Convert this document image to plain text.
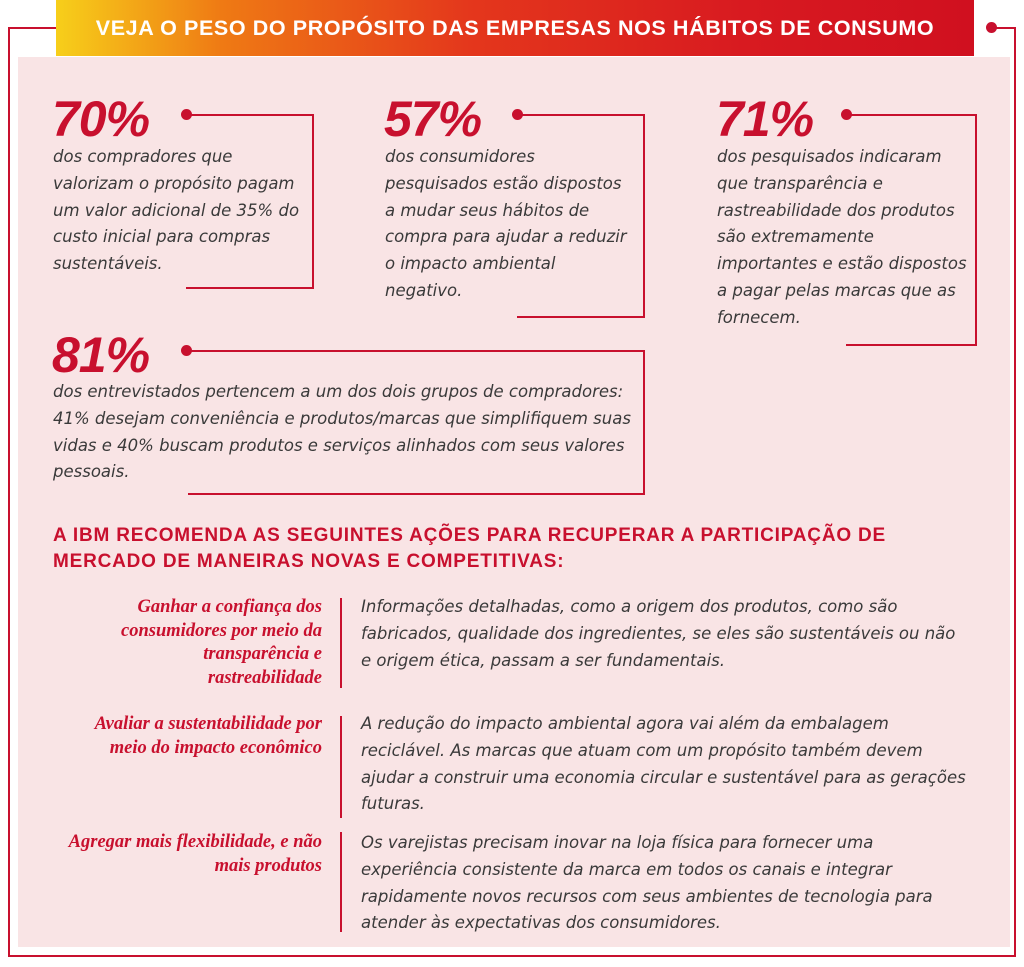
VEJA O PESO DO PROPÓSITO DAS EMPRESAS NOS HÁBITOS DE CONSUMO
70%
dos compradores que valorizam o propósito pagam um valor adicional de 35% do custo inicial para compras sustentáveis.
57%
dos consumidores pesquisados estão dispostos a mudar seus hábitos de compra para ajudar a reduzir o impacto ambiental negativo.
71%
dos pesquisados indicaram que transparência e rastreabilidade dos produtos são extremamente importantes e estão dispostos a pagar pelas marcas que as fornecem.
81%
dos entrevistados pertencem a um dos dois grupos de compradores: 41% desejam conveniência e produtos/marcas que simplifiquem suas vidas e 40% buscam produtos e serviços alinhados com seus valores pessoais.
A IBM RECOMENDA AS SEGUINTES AÇÕES PARA RECUPERAR A PARTICIPAÇÃO DE MERCADO DE MANEIRAS NOVAS E COMPETITIVAS:
Ganhar a confiança dos consumidores por meio da transparência e rastreabilidade
Informações detalhadas, como a origem dos produtos, como são fabricados, qualidade dos ingredientes, se eles são sustentáveis ou não e origem ética, passam a ser fundamentais.
Avaliar a sustentabilidade por meio do impacto econômico
A redução do impacto ambiental agora vai além da embalagem reciclável. As marcas que atuam com um propósito também devem ajudar a construir uma economia circular e sustentável para as gerações futuras.
Agregar mais flexibilidade, e não mais produtos
Os varejistas precisam inovar na loja física para fornecer uma experiência consistente da marca em todos os canais e integrar rapidamente novos recursos com seus ambientes de tecnologia para atender às expectativas dos consumidores.
